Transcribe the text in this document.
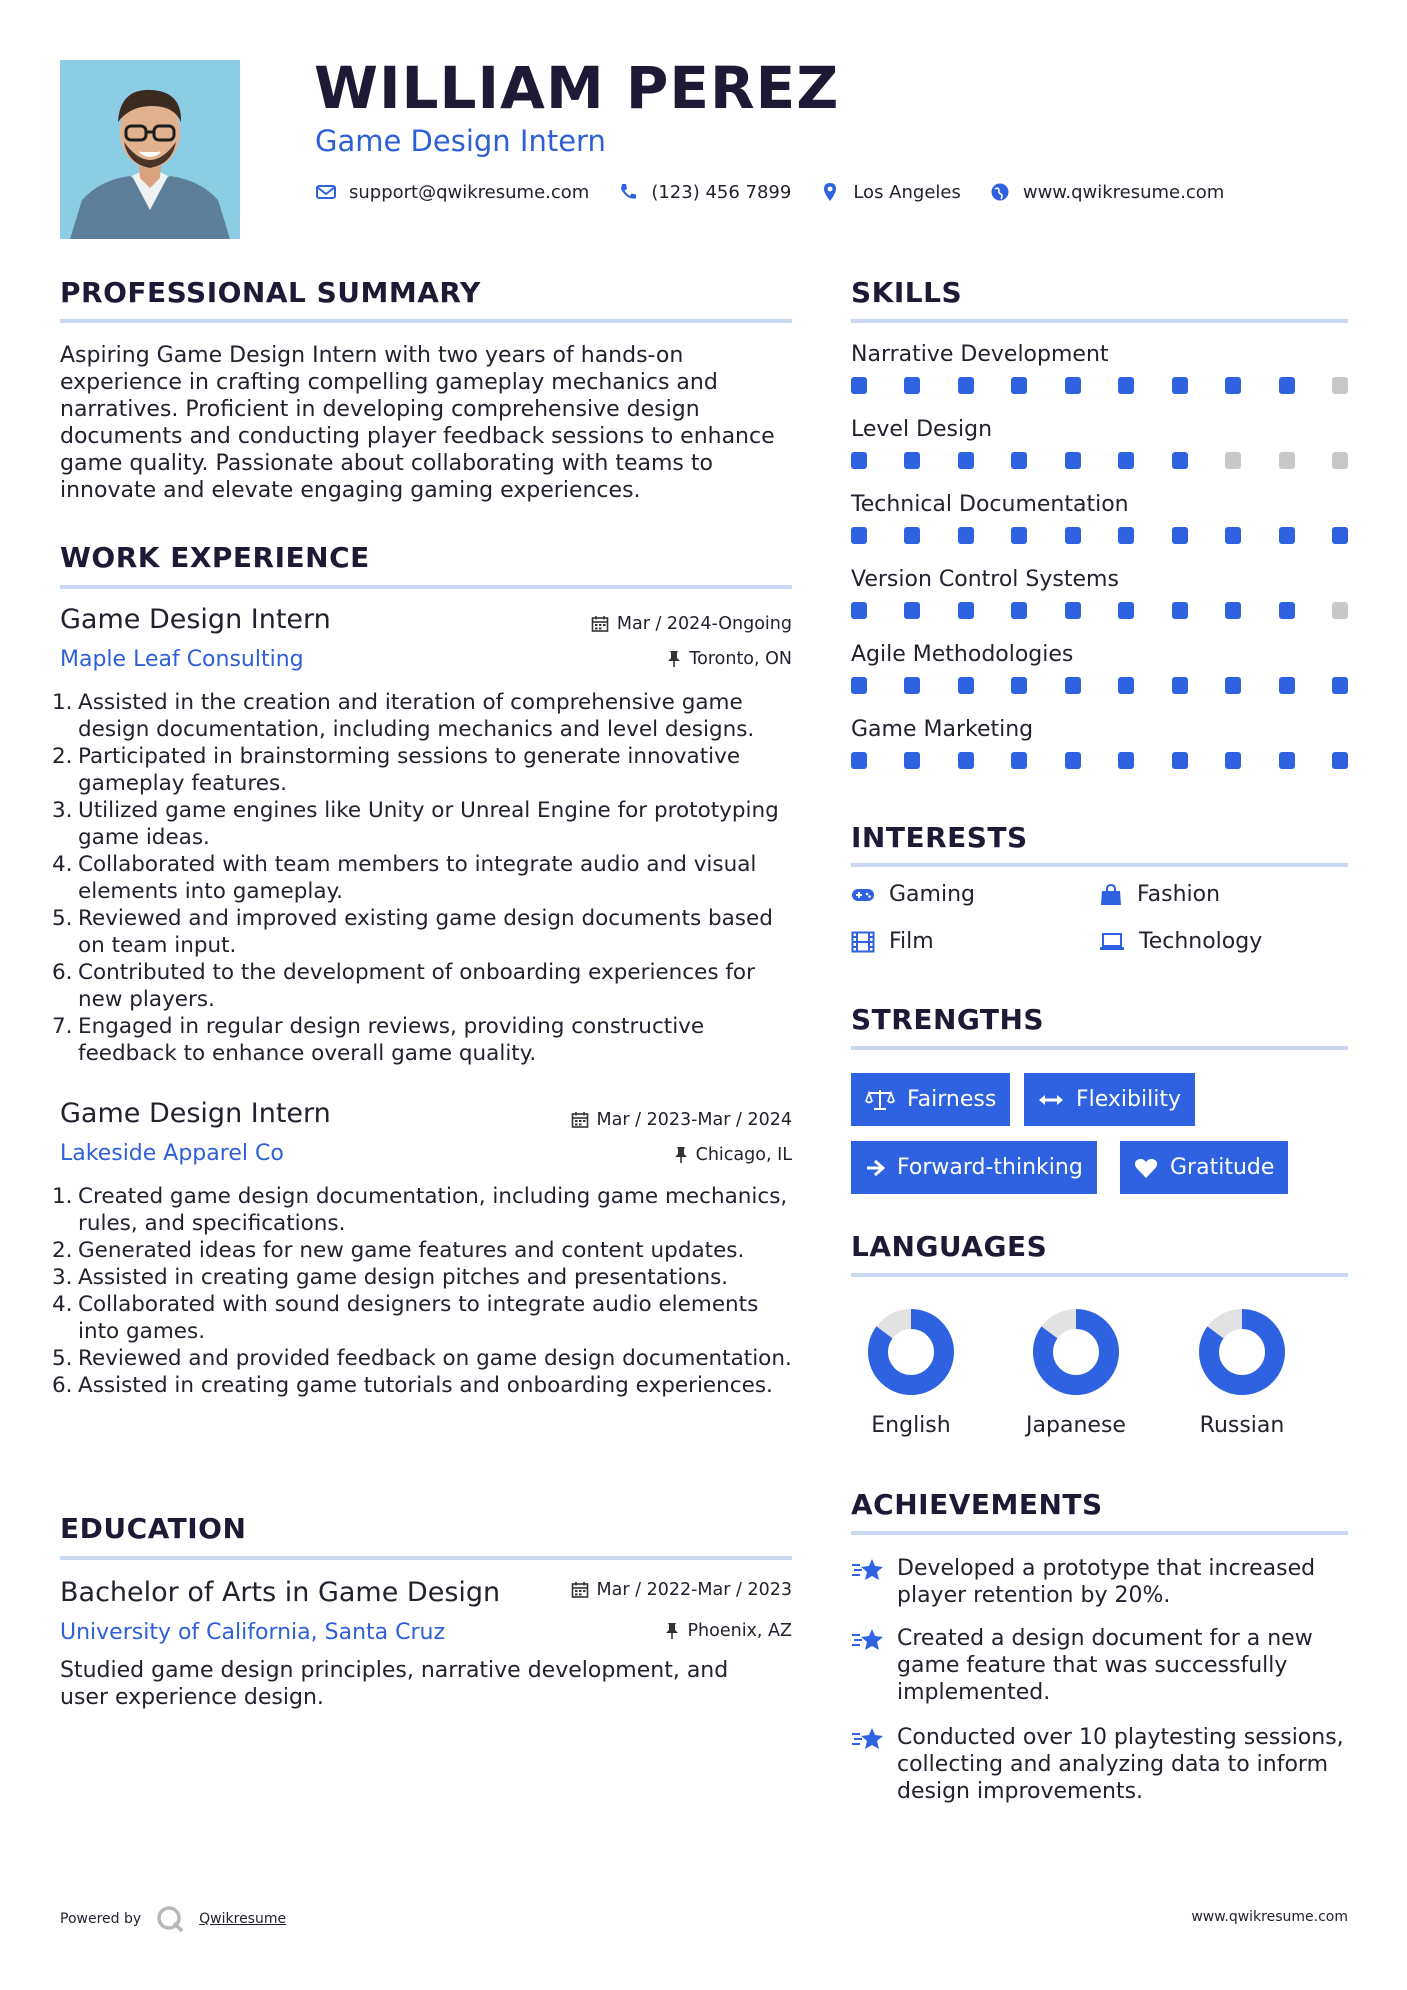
WILLIAM PEREZ
Game Design Intern
support@qwikresume.com	(123) 456 7899	Los Angeles	www.qwikresume.com
PROFESSIONAL SUMMARY
Aspiring Game Design Intern with two years of hands-on experience in crafting compelling gameplay mechanics and narratives. Proficient in developing comprehensive design documents and conducting player feedback sessions to enhance game quality. Passionate about collaborating with teams to innovate and elevate engaging gaming experiences.
WORK EXPERIENCE
Game Design Intern	Mar / 2024-Ongoing
Maple Leaf Consulting	Toronto, ON
1. Assisted in the creation and iteration of comprehensive game design documentation, including mechanics and level designs.
2. Participated in brainstorming sessions to generate innovative gameplay features.
3. Utilized game engines like Unity or Unreal Engine for prototyping game ideas.
4. Collaborated with team members to integrate audio and visual elements into gameplay.
5. Reviewed and improved existing game design documents based on team input.
6. Contributed to the development of onboarding experiences for new players.
7. Engaged in regular design reviews, providing constructive feedback to enhance overall game quality.
Game Design Intern	Mar / 2023-Mar / 2024
Lakeside Apparel Co	Chicago, IL
1. Created game design documentation, including game mechanics, rules, and specifications.
2. Generated ideas for new game features and content updates.
3. Assisted in creating game design pitches and presentations.
4. Collaborated with sound designers to integrate audio elements into games.
5. Reviewed and provided feedback on game design documentation.
6. Assisted in creating game tutorials and onboarding experiences.
EDUCATION
Bachelor of Arts in Game Design	Mar / 2022-Mar / 2023
University of California, Santa Cruz	Phoenix, AZ
Studied game design principles, narrative development, and user experience design.
SKILLS
Narrative Development
Level Design
Technical Documentation
Version Control Systems
Agile Methodologies
Game Marketing
INTERESTS
Gaming	Fashion
Film	Technology
STRENGTHS
Fairness	Flexibility
Forward-thinking	Gratitude
LANGUAGES
English	Japanese	Russian
ACHIEVEMENTS
Developed a prototype that increased player retention by 20%.
Created a design document for a new game feature that was successfully implemented.
Conducted over 10 playtesting sessions, collecting and analyzing data to inform design improvements.
Powered by	Qwikresume	www.qwikresume.com
